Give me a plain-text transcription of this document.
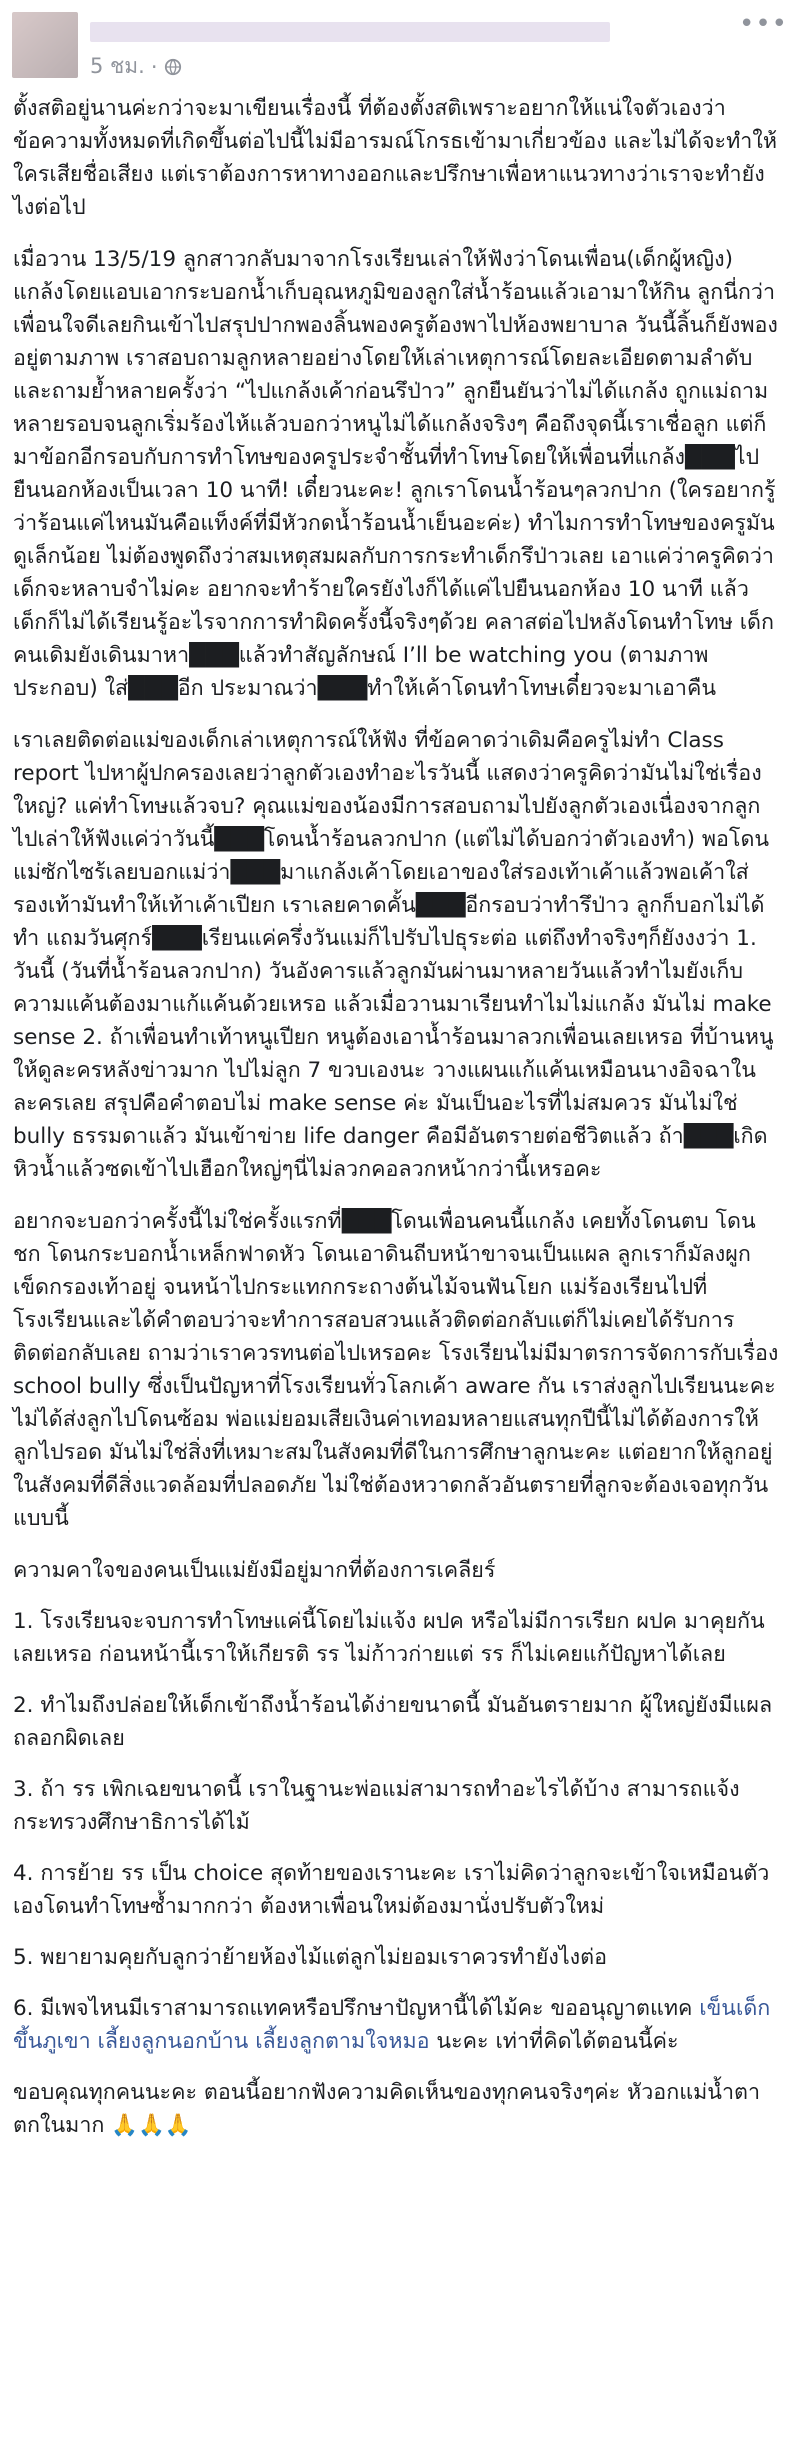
5 ชม. ·
•••

ตั้งสติอยู่นานค่ะกว่าจะมาเขียนเรื่องนี้ ที่ต้องตั้งสติเพราะอยากให้แน่ใจตัวเองว่าข้อความทั้งหมดที่เกิดขึ้นต่อไปนี้ไม่มีอารมณ์โกรธเข้ามาเกี่ยวข้อง และไม่ได้จะทำให้ใครเสียชื่อเสียง แต่เราต้องการหาทางออกและปรึกษาเพื่อหาแนวทางว่าเราจะทำยังไงต่อไป

เมื่อวาน 13/5/19 ลูกสาวกลับมาจากโรงเรียนเล่าให้ฟังว่าโดนเพื่อน(เด็กผู้หญิง) แกล้งโดยแอบเอากระบอกน้ำเก็บอุณหภูมิของลูกใส่น้ำร้อนแล้วเอามาให้กิน ลูกนี่กว่าเพื่อนใจดีเลยกินเข้าไปสรุปปากพองลิ้นพองครูต้องพาไปห้องพยาบาล วันนี้ลิ้นก็ยังพองอยู่ตามภาพ เราสอบถามลูกหลายอย่างโดยให้เล่าเหตุการณ์โดยละเอียดตามลำดับ และถามย้ำหลายครั้งว่า “ไปแกล้งเค้าก่อนรึป่าว” ลูกยืนยันว่าไม่ได้แกล้ง ถูกแม่ถามหลายรอบจนลูกเริ่มร้องไห้แล้วบอกว่าหนูไม่ได้แกล้งจริงๆ คือถึงจุดนี้เราเชื่อลูก แต่ก็มาข้อกอีกรอบกับการทำโทษของครูประจำชั้นที่ทำโทษโดยให้เพื่อนที่แกล้ง███ไปยืนนอกห้องเป็นเวลา 10 นาที! เดี๋ยวนะคะ! ลูกเราโดนน้ำร้อนๆลวกปาก (ใครอยากรู้ว่าร้อนแค่ไหนมันคือแท็งค์ที่มีหัวกดน้ำร้อนน้ำเย็นอะค่ะ) ทำไมการทำโทษของครูมันดูเล็กน้อย ไม่ต้องพูดถึงว่าสมเหตุสมผลกับการกระทำเด็กรึป่าวเลย เอาแค่ว่าครูคิดว่าเด็กจะหลาบจำไม่คะ อยากจะทำร้ายใครยังไงก็ได้แค่ไปยืนนอกห้อง 10 นาที แล้วเด็กก็ไม่ได้เรียนรู้อะไรจากการทำผิดครั้งนี้จริงๆด้วย คลาสต่อไปหลังโดนทำโทษ เด็กคนเดิมยังเดินมาหา███แล้วทำสัญลักษณ์ I’ll be watching you (ตามภาพประกอบ) ใส่███อีก ประมาณว่า███ทำให้เค้าโดนทำโทษเดี๋ยวจะมาเอาคืน

เราเลยติดต่อแม่ของเด็กเล่าเหตุการณ์ให้ฟัง ที่ข้อคาดว่าเดิมคือครูไม่ทำ Class report ไปหาผู้ปกครองเลยว่าลูกตัวเองทำอะไรวันนี้ แสดงว่าครูคิดว่ามันไม่ใช่เรื่องใหญ่? แค่ทำโทษแล้วจบ? คุณแม่ของน้องมีการสอบถามไปยังลูกตัวเองเนื่องจากลูกไปเล่าให้ฟังแค่ว่าวันนี้███โดนน้ำร้อนลวกปาก (แต่ไม่ได้บอกว่าตัวเองทำ) พอโดนแม่ซักไซร้เลยบอกแม่ว่า███มาแกล้งเค้าโดยเอาของใส่รองเท้าเค้าแล้วพอเค้าใส่รองเท้ามันทำให้เท้าเค้าเปียก เราเลยคาดคั้น███อีกรอบว่าทำรึป่าว ลูกก็บอกไม่ได้ทำ แถมวันศุกร์███เรียนแค่ครึ่งวันแม่ก็ไปรับไปธุระต่อ แต่ถึงทำจริงๆก็ยังงงว่า 1. วันนี้ (วันที่น้ำร้อนลวกปาก) วันอังคารแล้วลูกมันผ่านมาหลายวันแล้วทำไมยังเก็บความแค้นต้องมาแก้แค้นด้วยเหรอ แล้วเมื่อวานมาเรียนทำไมไม่แกล้ง มันไม่ make sense 2. ถ้าเพื่อนทำเท้าหนูเปียก หนูต้องเอาน้ำร้อนมาลวกเพื่อนเลยเหรอ ที่บ้านหนูให้ดูละครหลังข่าวมาก ไปไม่ลูก 7 ขวบเองนะ วางแผนแก้แค้นเหมือนนางอิจฉาในละครเลย สรุปคือคำตอบไม่ make sense ค่ะ มันเป็นอะไรที่ไม่สมควร มันไม่ใช่ bully ธรรมดาแล้ว มันเข้าข่าย life danger คือมีอันตรายต่อชีวิตแล้ว ถ้า███เกิดหิวน้ำแล้วซดเข้าไปเฮือกใหญ่ๆนี่ไม่ลวกคอลวกหน้ากว่านี้เหรอคะ

อยากจะบอกว่าครั้งนี้ไม่ใช่ครั้งแรกที่███โดนเพื่อนคนนี้แกล้ง เคยทั้งโดนตบ โดนชก โดนกระบอกน้ำเหล็กฟาดหัว โดนเอาดินถีบหน้าขาจนเป็นแผล ลูกเราก็มัลงผูกเข็ดกรองเท้าอยู่ จนหน้าไปกระแทกกระถางต้นไม้จนฟันโยก แม่ร้องเรียนไปที่โรงเรียนและได้คำตอบว่าจะทำการสอบสวนแล้วติดต่อกลับแต่ก็ไม่เคยได้รับการติดต่อกลับเลย ถามว่าเราควรทนต่อไปเหรอคะ โรงเรียนไม่มีมาตรการจัดการกับเรื่อง school bully ซึ่งเป็นปัญหาที่โรงเรียนทั่วโลกเค้า aware กัน เราส่งลูกไปเรียนนะคะไม่ได้ส่งลูกไปโดนซ้อม พ่อแม่ยอมเสียเงินค่าเทอมหลายแสนทุกปีนี้ไม่ได้ต้องการให้ลูกไปรอด มันไม่ใช่สิ่งที่เหมาะสมในสังคมที่ดีในการศึกษาลูกนะคะ แต่อยากให้ลูกอยู่ในสังคมที่ดีสิ่งแวดล้อมที่ปลอดภัย ไม่ใช่ต้องหวาดกลัวอันตรายที่ลูกจะต้องเจอทุกวันแบบนี้

ความคาใจของคนเป็นแม่ยังมีอยู่มากที่ต้องการเคลียร์

1. โรงเรียนจะจบการทำโทษแค่นี้โดยไม่แจ้ง ผปค หรือไม่มีการเรียก ผปค มาคุยกันเลยเหรอ ก่อนหน้านี้เราให้เกียรติ รร ไม่ก้าวก่ายแต่ รร ก็ไม่เคยแก้ปัญหาได้เลย

2. ทำไมถึงปล่อยให้เด็กเข้าถึงน้ำร้อนได้ง่ายขนาดนี้ มันอันตรายมาก ผู้ใหญ่ยังมีแผลถลอกผิดเลย

3. ถ้า รร เพิกเฉยขนาดนี้ เราในฐานะพ่อแม่สามารถทำอะไรได้บ้าง สามารถแจ้งกระทรวงศึกษาธิการได้ไม้

4. การย้าย รร เป็น choice สุดท้ายของเรานะคะ เราไม่คิดว่าลูกจะเข้าใจเหมือนตัวเองโดนทำโทษซ้ำมากกว่า ต้องหาเพื่อนใหม่ต้องมานั่งปรับตัวใหม่

5. พยายามคุยกับลูกว่าย้ายห้องไม้แต่ลูกไม่ยอมเราควรทำยังไงต่อ

6. มีเพจไหนมีเราสามารถแทคหรือปรึกษาปัญหานี้ได้ไม้คะ ขออนุญาตแทค เข็นเด็กขึ้นภูเขา เลี้ยงลูกนอกบ้าน เลี้ยงลูกตามใจหมอ นะคะ เท่าที่คิดได้ตอนนี้ค่ะ

ขอบคุณทุกคนนะคะ ตอนนี้อยากฟังความคิดเห็นของทุกคนจริงๆค่ะ หัวอกแม่น้ำตาตกในมาก 🙏🙏🙏
